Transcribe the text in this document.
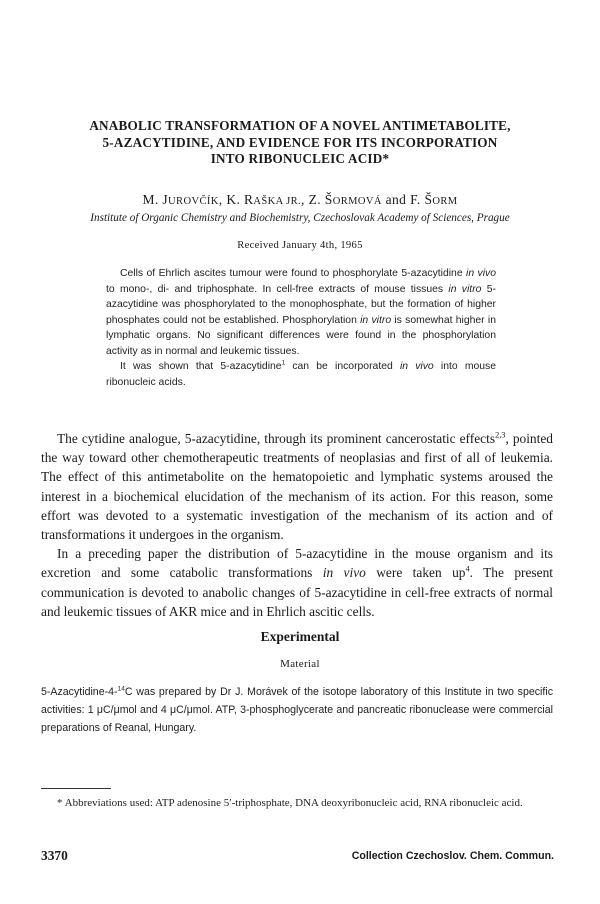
ANABOLIC TRANSFORMATION OF A NOVEL ANTIMETABOLITE,
5-AZACYTIDINE, AND EVIDENCE FOR ITS INCORPORATION
INTO RIBONUCLEIC ACID*
M. JUROVČÍK, K. RAŠKA JR., Z. ŠORMOVÁ and F. ŠORM
Institute of Organic Chemistry and Biochemistry, Czechoslovak Academy of Sciences, Prague
Received January 4th, 1965

Cells of Ehrlich ascites tumour were found to phosphorylate 5-azacytidine in vivo to mono-, di- and triphosphate. In cell-free extracts of mouse tissues in vitro 5-azacytidine was phosphorylated to the monophosphate, but the formation of higher phosphates could not be established. Phosphorylation in vitro is somewhat higher in lymphatic organs. No significant differences were found in the phosphorylation activity as in normal and leukemic tissues.

It was shown that 5-azacytidine$^1$ can be incorporated in vivo into mouse ribonucleic acids.

The cytidine analogue, 5-azacytidine, through its prominent cancerostatic effects$^{2,3}$, pointed the way toward other chemotherapeutic treatments of neoplasias and first of all of leukemia. The effect of this antimetabolite on the hematopoietic and lymphatic systems aroused the interest in a biochemical elucidation of the mechanism of its action. For this reason, some effort was devoted to a systematic investigation of the mechanism of its action and of transformations it undergoes in the organism.

In a preceding paper the distribution of 5-azacytidine in the mouse organism and its excretion and some catabolic transformations in vivo were taken $up^4$. The present communication is devoted to anabolic changes of 5-azacytidine in cell-free extracts of normal and leukemic tissues of AKR mice and in Ehrlich ascitic cells.

Experimental
Material

5-Azacytidine-4-$^{14}$C was prepared by Dr J. Morávek of the isotope laboratory of this Institute in two specific activities: 1 μC/μmol and 4 μC/μmol. ATP, 3-phosphoglycerate and pancreatic ribonuclease were commercial preparations of Reanal, Hungary.

* Abbreviations used: ATP adenosine 5′-triphosphate, DNA deoxyribonucleic acid, RNA ribonucleic acid.

3370	Collection Czechoslov. Chem. Commun.
